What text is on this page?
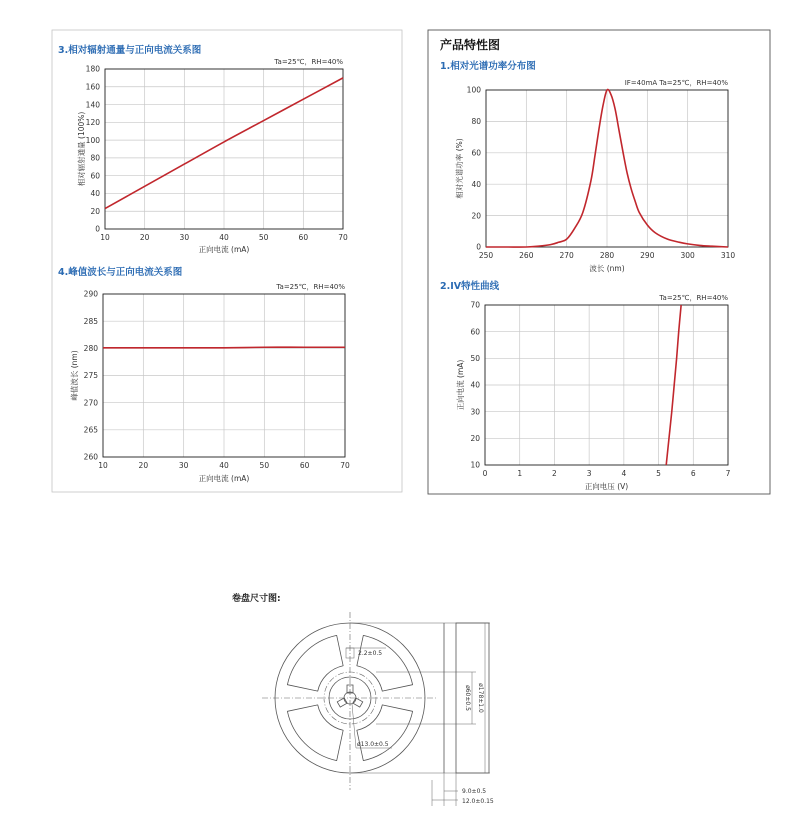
产品特性图
卷盘尺寸图:
2.2±0.5
ø13.0±0.5
ø60±0.5 ø178±1.0
9.0±0.5
12.0±0.15
3.相对辐射通量与正向电流关系图
Ta=25℃，RH=40%
0
20
40
60
80
100
120
140
160
180
10	20	30	40	50	60	70
正向电流 (mA)
相对辐射通量 (100%)
4.峰值波长与正向电流关系图
Ta=25℃，RH=40%
260
265
270
275
280
285
290
10	20	30	40	50	60	70
正向电流 (mA)
峰值波长 (nm)
1.相对光谱功率分布图
IF=40mA Ta=25℃，RH=40%
0
20
40
60
80
100
250	260	270	280	290	300	310
波长 (nm)
相对光谱功率 (%)
2.IV特性曲线
Ta=25℃，RH=40%
10
20
30
40
50
60
70
0	1	2	3	4	5	6	7
正向电压 (V)
正向电流 (mA)
